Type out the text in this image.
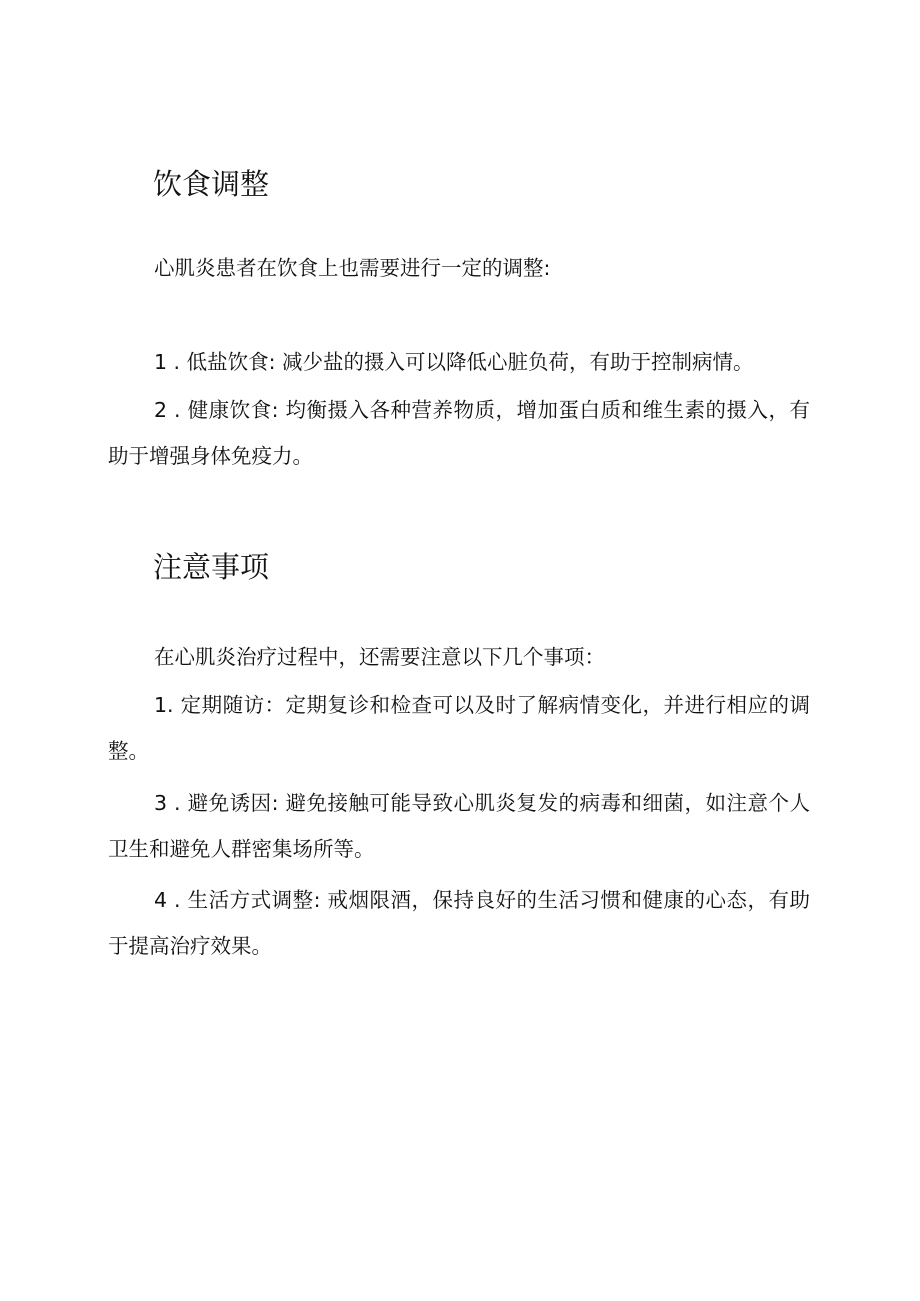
饮食调整

心肌炎患者在饮食上也需要进行一定的调整:

1 . 低盐饮食: 减少盐的摄入可以降低心脏负荷，有助于控制病情。

2 . 健康饮食: 均衡摄入各种营养物质，增加蛋白质和维生素的摄入，有助于增强身体免疫力。

注意事项

在心肌炎治疗过程中，还需要注意以下几个事项：

1. 定期随访：定期复诊和检查可以及时了解病情变化，并进行相应的调整。

3 . 避免诱因: 避免接触可能导致心肌炎复发的病毒和细菌，如注意个人卫生和避免人群密集场所等。

4 . 生活方式调整: 戒烟限酒，保持良好的生活习惯和健康的心态，有助于提高治疗效果。
